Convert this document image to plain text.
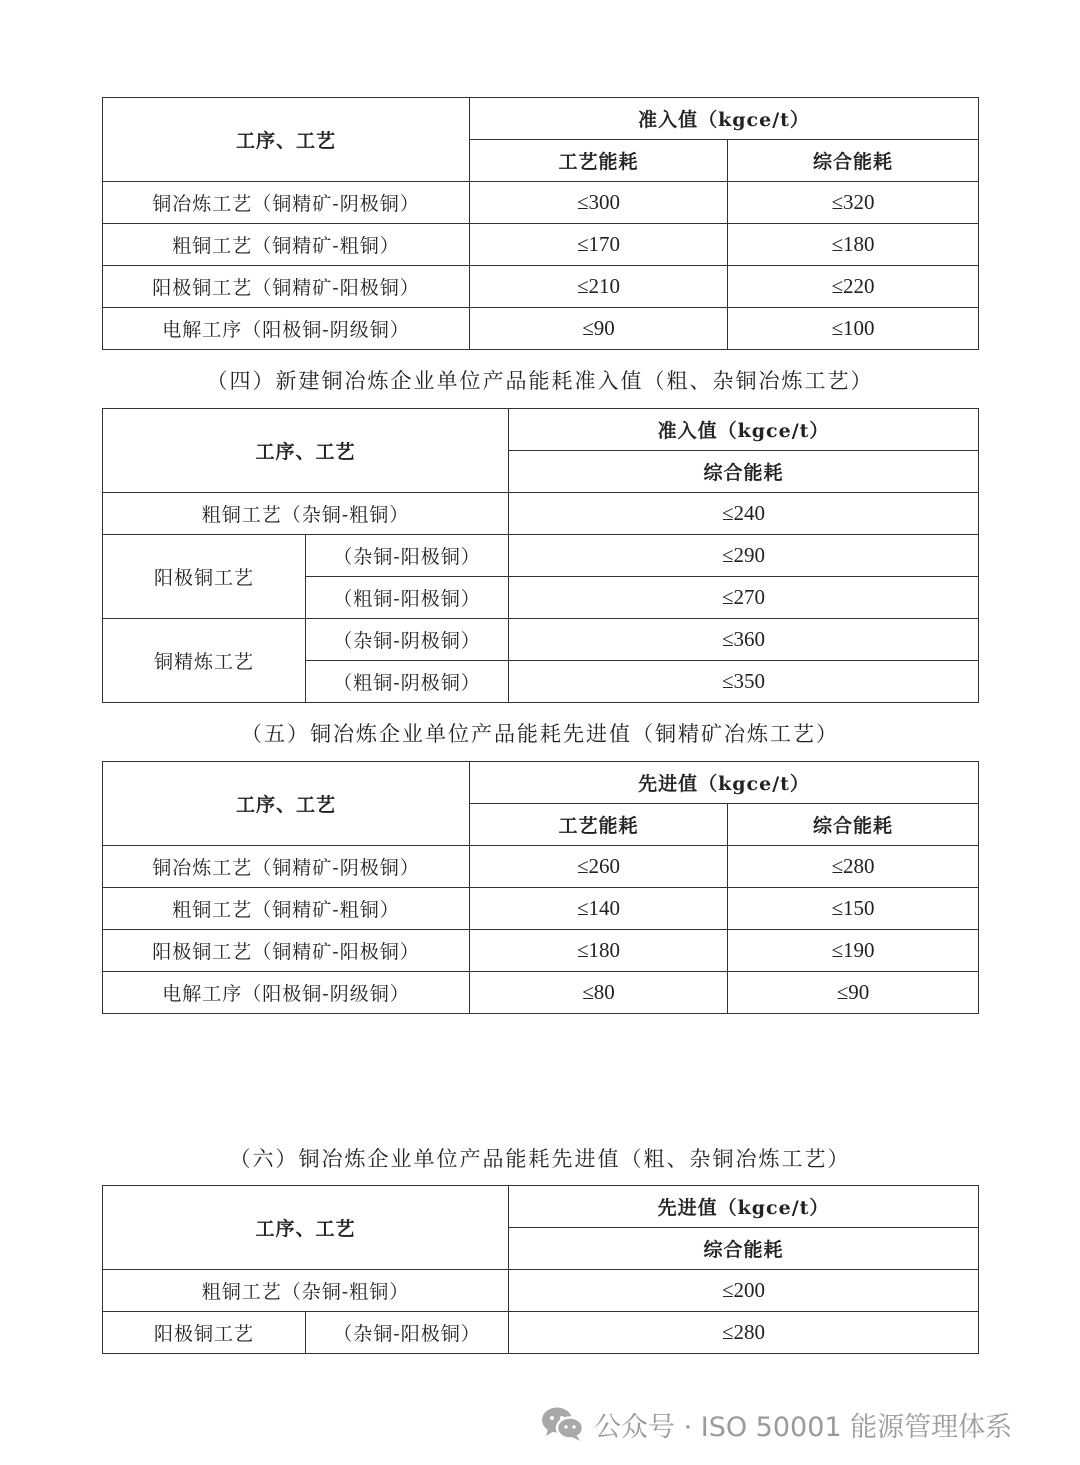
工序、工艺	准入值（kgce/t）	
	工艺能耗	综合能耗
铜冶炼工艺（铜精矿-阴极铜）	≤300	≤320
粗铜工艺（铜精矿-粗铜）	≤170	≤180
阳极铜工艺（铜精矿-阳极铜）	≤210	≤220
电解工序（阳极铜-阴级铜）	≤90	≤100
（四）新建铜冶炼企业单位产品能耗准入值（粗、杂铜冶炼工艺）
工序、工艺		准入值（kgce/t）
		综合能耗
粗铜工艺（杂铜-粗铜）		≤240
阳极铜工艺	（杂铜-阳极铜）	≤290
	（粗铜-阳极铜）	≤270
铜精炼工艺	（杂铜-阴极铜）	≤360
	（粗铜-阴极铜）	≤350
（五）铜冶炼企业单位产品能耗先进值（铜精矿冶炼工艺）
工序、工艺	先进值（kgce/t）	
	工艺能耗	综合能耗
铜冶炼工艺（铜精矿-阴极铜）	≤260	≤280
粗铜工艺（铜精矿-粗铜）	≤140	≤150
阳极铜工艺（铜精矿-阳极铜）	≤180	≤190
电解工序（阳极铜-阴级铜）	≤80	≤90
（六）铜冶炼企业单位产品能耗先进值（粗、杂铜冶炼工艺）
工序、工艺		先进值（kgce/t）
		综合能耗
粗铜工艺（杂铜-粗铜）		≤200
阳极铜工艺	（杂铜-阳极铜）	≤280
公众号 · ISO 50001 能源管理体系
